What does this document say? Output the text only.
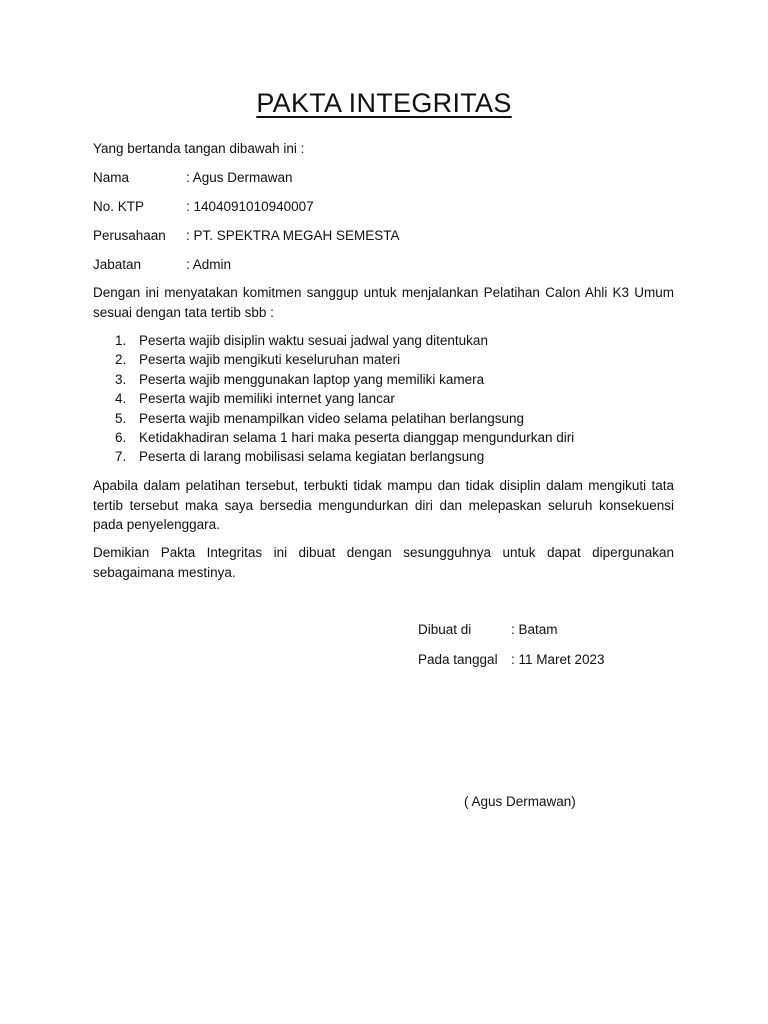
PAKTA INTEGRITAS
Yang bertanda tangan dibawah ini :
Nama	: Agus Dermawan
No. KTP	: 1404091010940007
Perusahaan : PT. SPEKTRA MEGAH SEMESTA
Jabatan	: Admin
Dengan ini menyatakan komitmen sanggup untuk menjalankan Pelatihan Calon Ahli K3 Umum sesuai dengan tata tertib sbb :
1. Peserta wajib disiplin waktu sesuai jadwal yang ditentukan
2. Peserta wajib mengikuti keseluruhan materi
3. Peserta wajib menggunakan laptop yang memiliki kamera
4. Peserta wajib memiliki internet yang lancar
5. Peserta wajib menampilkan video selama pelatihan berlangsung
6. Ketidakhadiran selama 1 hari maka peserta dianggap mengundurkan diri
7. Peserta di larang mobilisasi selama kegiatan berlangsung
Apabila dalam pelatihan tersebut, terbukti tidak mampu dan tidak disiplin dalam mengikuti tata tertib tersebut maka saya bersedia mengundurkan diri dan melepaskan seluruh konsekuensi pada penyelenggara.
Demikian Pakta Integritas ini dibuat dengan sesungguhnya untuk dapat dipergunakan sebagaimana mestinya.
Dibuat di	: Batam
Pada tanggal : 11 Maret 2023
( Agus Dermawan)
